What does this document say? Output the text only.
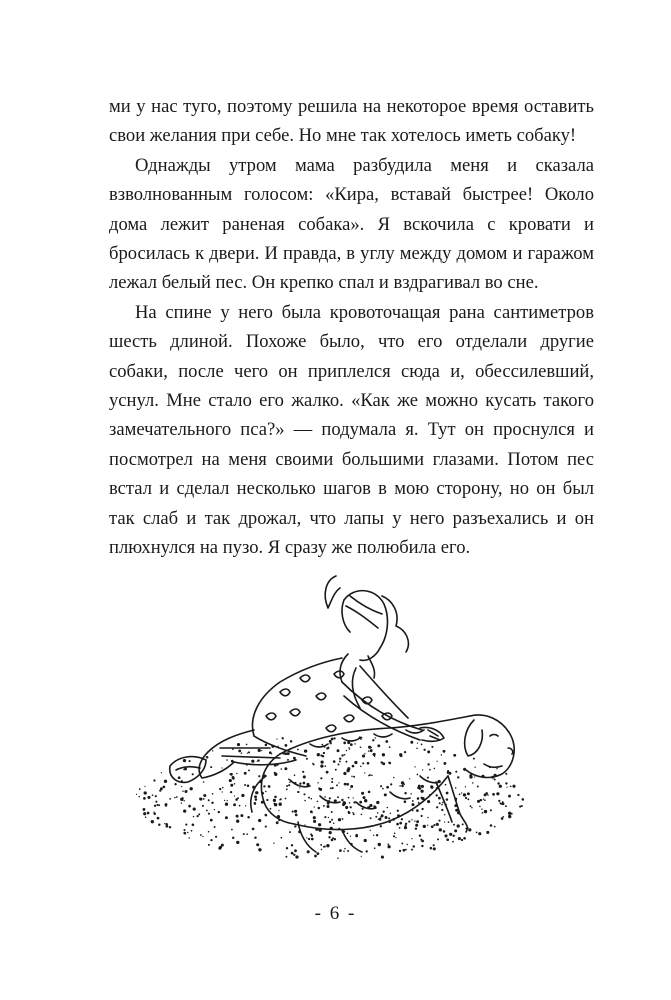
ми у нас туго, поэтому решила на некоторое время оставить свои желания при себе. Но мне так хотелось иметь собаку!

Однажды утром мама разбудила меня и сказала взволнованным голосом: «Кира, вставай быстрее! Около дома лежит раненая собака». Я вскочила с кровати и бросилась к двери. И правда, в углу между домом и гаражом лежал белый пес. Он крепко спал и вздрагивал во сне.

На спине у него была кровоточащая рана сантиметров шесть длиной. Похоже было, что его отделали другие собаки, после чего он приплелся сюда и, обессилевший, уснул. Мне стало его жалко. «Как же можно кусать такого замечательного пса?» — подумала я. Тут он проснулся и посмотрел на меня своими большими глазами. Потом пес встал и сделал несколько шагов в мою сторону, но он был так слаб и так дрожал, что лапы у него разъехались и он плюхнулся на пузо. Я сразу же полюбила его.

- 6 -
